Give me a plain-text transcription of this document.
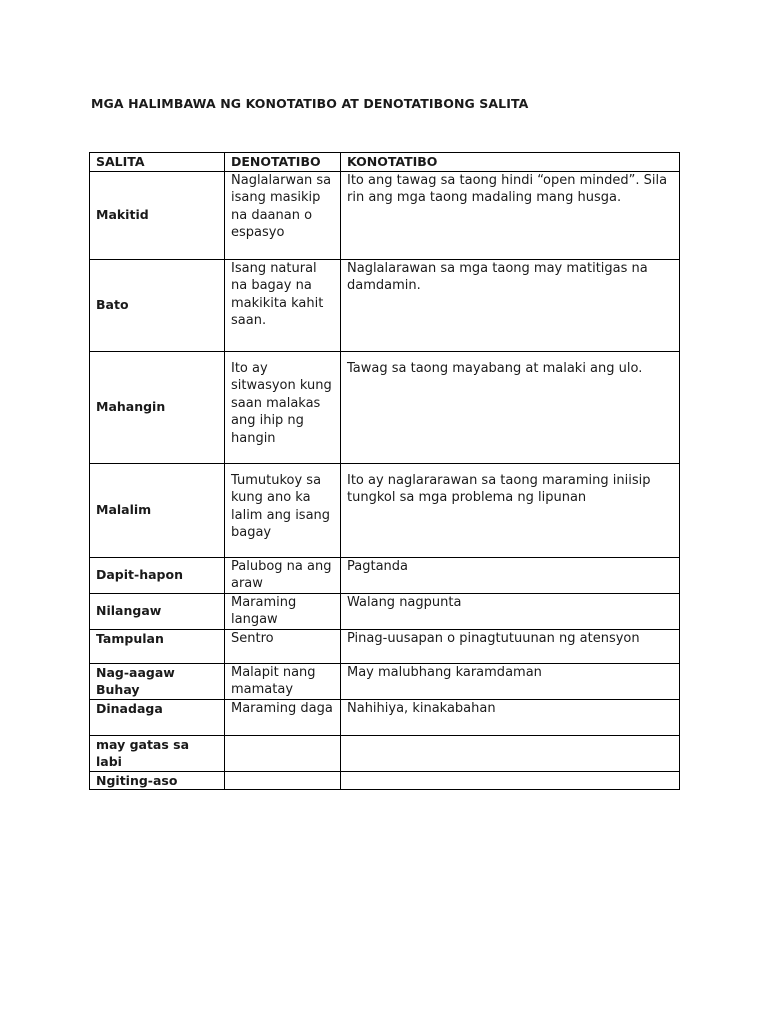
MGA HALIMBAWA NG KONOTATIBO AT DENOTATIBONG SALITA
SALITA	DENOTATIBO	KONOTATIBO
Makitid	Naglalarwan sa isang masikip na daanan o espasyo	Ito ang tawag sa taong hindi “open minded”. Sila rin ang mga taong madaling mang husga.
Bato	Isang natural na bagay na makikita kahit saan.	Naglalarawan sa mga taong may matitigas na damdamin.
Mahangin	Ito ay sitwasyon kung saan malakas ang ihip ng hangin	Tawag sa taong mayabang at malaki ang ulo.
Malalim	Tumutukoy sa kung ano ka lalim ang isang bagay	Ito ay naglararawan sa taong maraming iniisip tungkol sa mga problema ng lipunan
Dapit-hapon	Palubog na ang araw	Pagtanda
Nilangaw	Maraming langaw	Walang nagpunta
Tampulan	Sentro	Pinag-uusapan o pinagtutuunan ng atensyon
Nag-aagaw Buhay	Malapit nang mamatay	May malubhang karamdaman
Dinadaga	Maraming daga	Nahihiya, kinakabahan
may gatas sa labi		
Ngiting-aso		
